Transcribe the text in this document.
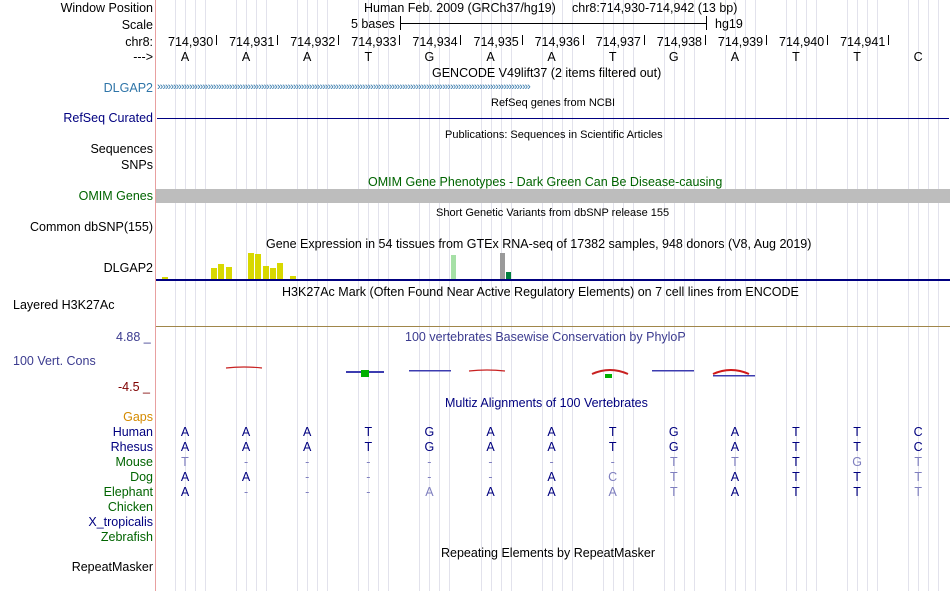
Window Position	Human Feb. 2009 (GRCh37/hg19) chr8:714,930-714,942 (13 bp)
Scale	5 bases	hg19
chr8: 714,930 714,931 714,932 714,933 714,934 714,935 714,936 714,937 714,938 714,939 714,940 714,941
--->	A	A	A	T	G	A	A	T	G	A	T	T	C
GENCODE V49lift37 (2 items filtered out)
DLGAP2 ››››››››››››››››››››››››››››››››››››››››››››››››››››››››››››››››››››››››››››››››››››››››››››››››››››››››››››››››››››››››››››››››››››››››››››
RefSeq genes from NCBI
RefSeq Curated
Publications: Sequences in Scientific Articles
Sequences
SNPs
OMIM Gene Phenotypes - Dark Green Can Be Disease-causing
OMIM Genes
Short Genetic Variants from dbSNP release 155
Common dbSNP(155)
Gene Expression in 54 tissues from GTEx RNA-seq of 17382 samples, 948 donors (V8, Aug 2019)
DLGAP2
H3K27Ac Mark (Often Found Near Active Regulatory Elements) on 7 cell lines from ENCODE
Layered H3K27Ac
100 vertebrates Basewise Conservation by PhyloP
4.88 _
100 Vert. Cons
-4.5 _
Multiz Alignments of 100 Vertebrates
Gaps
Human	A	A	A	T	G	A	A	T	G	A	T	T	C
Rhesus	A	A	A	T	G	A	A	T	G	A	T	T	C
Mouse	T	-	-	-	-	-	-	-	T	T	T	G	T
Dog	A	A	-	-	-	-	A	C	T	A	T	T	T
Elephant	A	-	-	-	A	A	A	A	T	A	T	T	T
Chicken
X_tropicalis
Zebrafish
Repeating Elements by RepeatMasker
RepeatMasker
